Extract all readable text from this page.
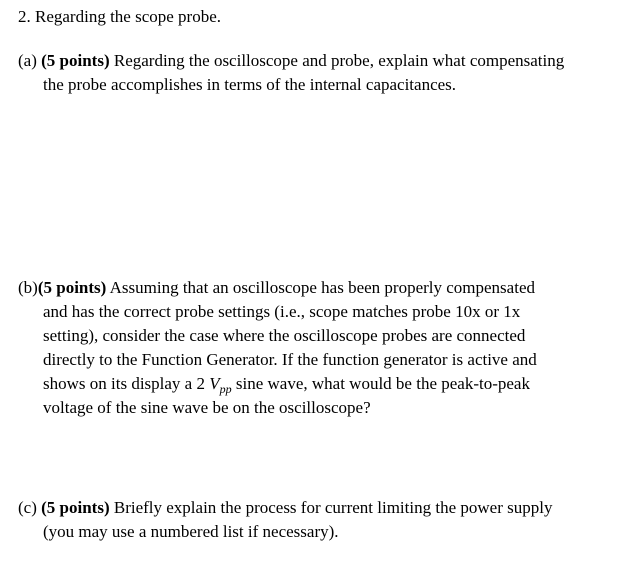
2. Regarding the scope probe.
(a) (5 points) Regarding the oscilloscope and probe, explain what compensating
the probe accomplishes in terms of the internal capacitances.
(b)(5 points) Assuming that an oscilloscope has been properly compensated
and has the correct probe settings (i.e., scope matches probe 10x or 1x
setting), consider the case where the oscilloscope probes are connected
directly to the Function Generator. If the function generator is active and
shows on its display a 2 $V_{pp}$ sine wave, what would be the peak-to-peak
voltage of the sine wave be on the oscilloscope?
(c) (5 points) Briefly explain the process for current limiting the power supply
(you may use a numbered list if necessary).
